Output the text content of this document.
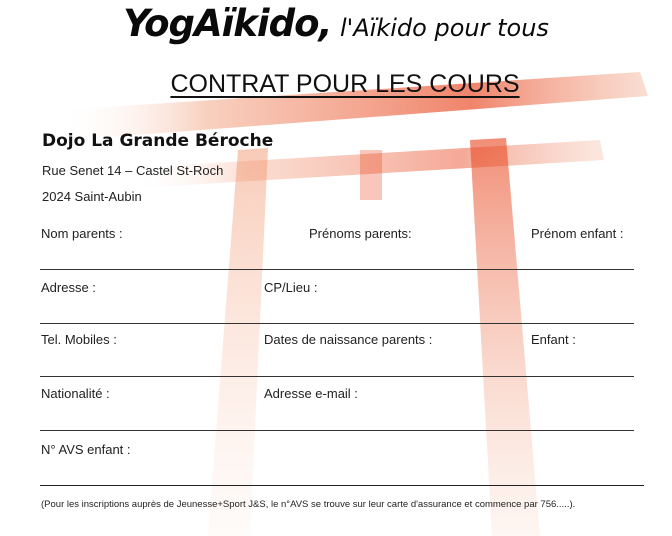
YogAïkido, l'Aïkido pour tous
CONTRAT POUR LES COURS
Dojo La Grande Béroche
Rue Senet 14 – Castel St-Roch
2024 Saint-Aubin
Nom parents :	Prénoms parents:	Prénom enfant :
Adresse :	CP/Lieu :
Tel. Mobiles :	Dates de naissance parents :	Enfant :
Nationalité :	Adresse e-mail :
N° AVS enfant :
(Pour les inscriptions auprès de Jeunesse+Sport J&S, le n°AVS se trouve sur leur carte d'assurance et commence par 756.....).
